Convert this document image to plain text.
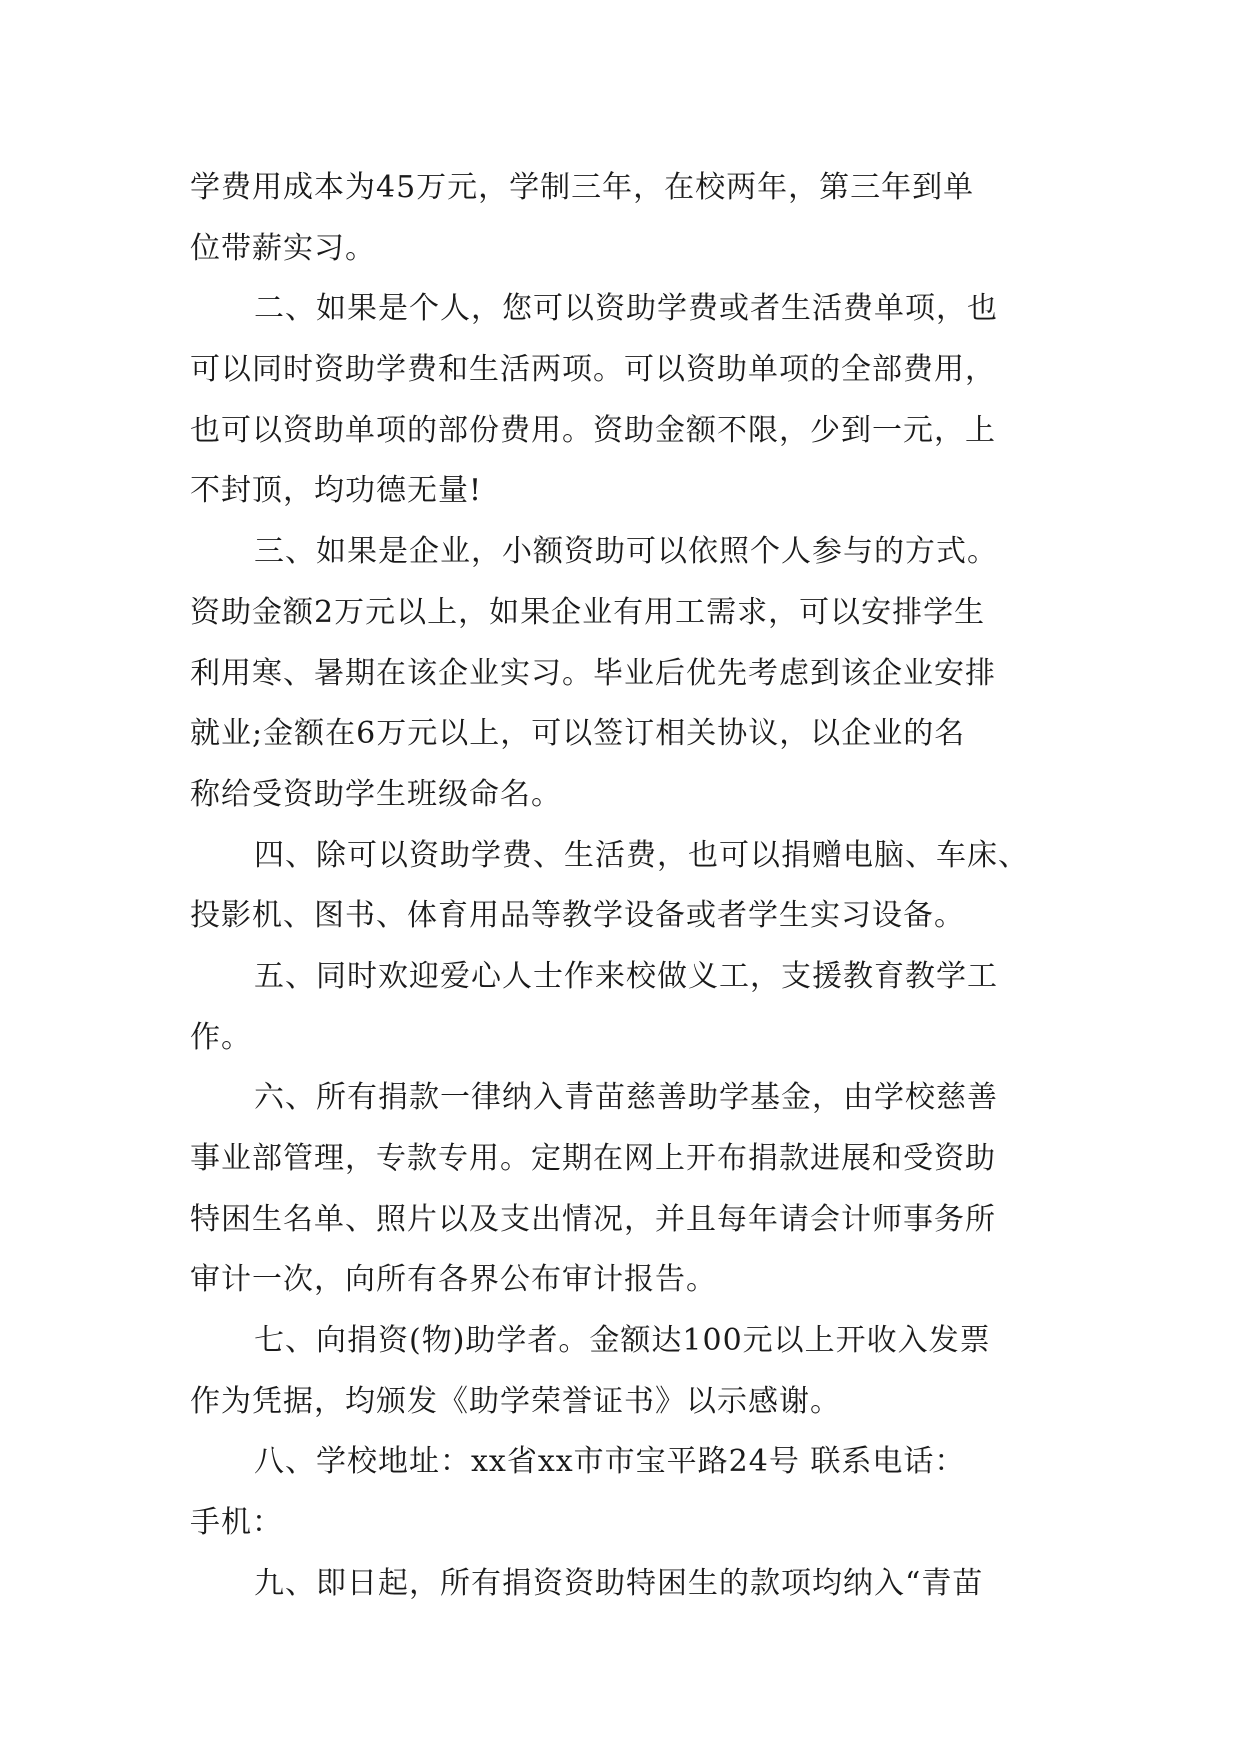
学费用成本为45万元，学制三年，在校两年，第三年到单
位带薪实习。
二、如果是个人，您可以资助学费或者生活费单项，也
可以同时资助学费和生活两项。可以资助单项的全部费用，
也可以资助单项的部份费用。资助金额不限，少到一元，上
不封顶，均功德无量!
三、如果是企业，小额资助可以依照个人参与的方式。
资助金额2万元以上，如果企业有用工需求，可以安排学生
利用寒、暑期在该企业实习。毕业后优先考虑到该企业安排
就业;金额在6万元以上，可以签订相关协议，以企业的名
称给受资助学生班级命名。
四、除可以资助学费、生活费，也可以捐赠电脑、车床、
投影机、图书、体育用品等教学设备或者学生实习设备。
五、同时欢迎爱心人士作来校做义工，支援教育教学工
作。
六、所有捐款一律纳入青苗慈善助学基金，由学校慈善
事业部管理，专款专用。定期在网上开布捐款进展和受资助
特困生名单、照片以及支出情况，并且每年请会计师事务所
审计一次，向所有各界公布审计报告。
七、向捐资(物)助学者。金额达100元以上开收入发票
作为凭据，均颁发《助学荣誉证书》以示感谢。
八、学校地址：xx省xx市市宝平路24号 联系电话：
手机：
九、即日起，所有捐资资助特困生的款项均纳入“青苗
